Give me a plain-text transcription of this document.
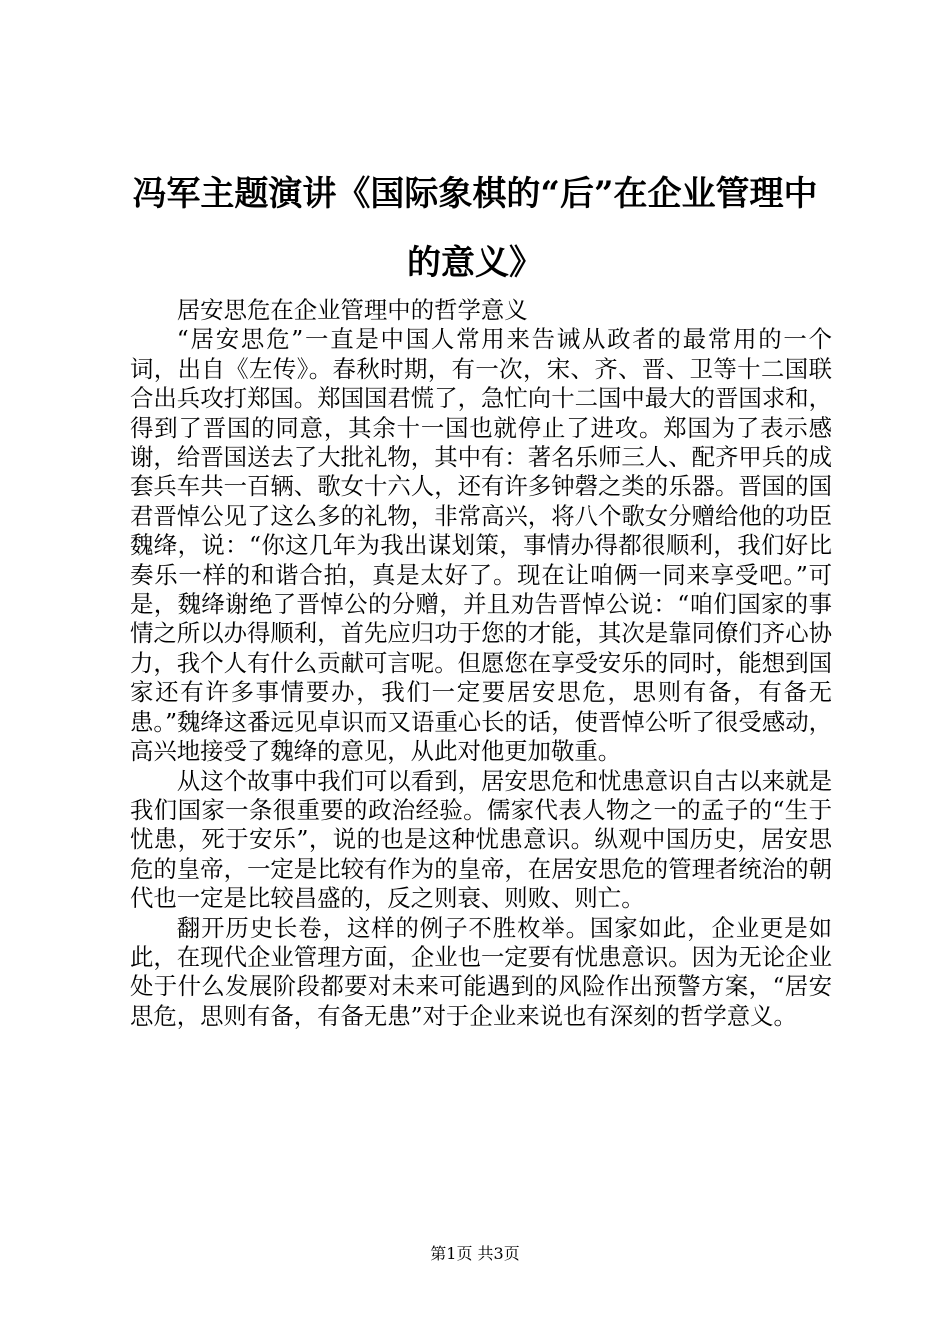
冯军主题演讲《国际象棋的“后”在企业管理中的意义》

居安思危在企业管理中的哲学意义

“居安思危”一直是中国人常用来告诫从政者的最常用的一个词，出自《左传》。春秋时期，有一次，宋、齐、晋、卫等十二国联合出兵攻打郑国。郑国国君慌了，急忙向十二国中最大的晋国求和，得到了晋国的同意，其余十一国也就停止了进攻。郑国为了表示感谢，给晋国送去了大批礼物，其中有：著名乐师三人、配齐甲兵的成套兵车共一百辆、歌女十六人，还有许多钟磬之类的乐器。晋国的国君晋悼公见了这么多的礼物，非常高兴，将八个歌女分赠给他的功臣魏绛，说：“你这几年为我出谋划策，事情办得都很顺利，我们好比奏乐一样的和谐合拍，真是太好了。现在让咱俩一同来享受吧。”可是，魏绛谢绝了晋悼公的分赠，并且劝告晋悼公说：“咱们国家的事情之所以办得顺利，首先应归功于您的才能，其次是靠同僚们齐心协力，我个人有什么贡献可言呢。但愿您在享受安乐的同时，能想到国家还有许多事情要办，我们一定要居安思危，思则有备，有备无患。”魏绛这番远见卓识而又语重心长的话，使晋悼公听了很受感动，高兴地接受了魏绛的意见，从此对他更加敬重。

从这个故事中我们可以看到，居安思危和忧患意识自古以来就是我们国家一条很重要的政治经验。儒家代表人物之一的孟子的“生于忧患，死于安乐”，说的也是这种忧患意识。纵观中国历史，居安思危的皇帝，一定是比较有作为的皇帝，在居安思危的管理者统治的朝代也一定是比较昌盛的，反之则衰、则败、则亡。

翻开历史长卷，这样的例子不胜枚举。国家如此，企业更是如此，在现代企业管理方面，企业也一定要有忧患意识。因为无论企业处于什么发展阶段都要对未来可能遇到的风险作出预警方案，“居安思危，思则有备，有备无患”对于企业来说也有深刻的哲学意义。

第1页 共3页
